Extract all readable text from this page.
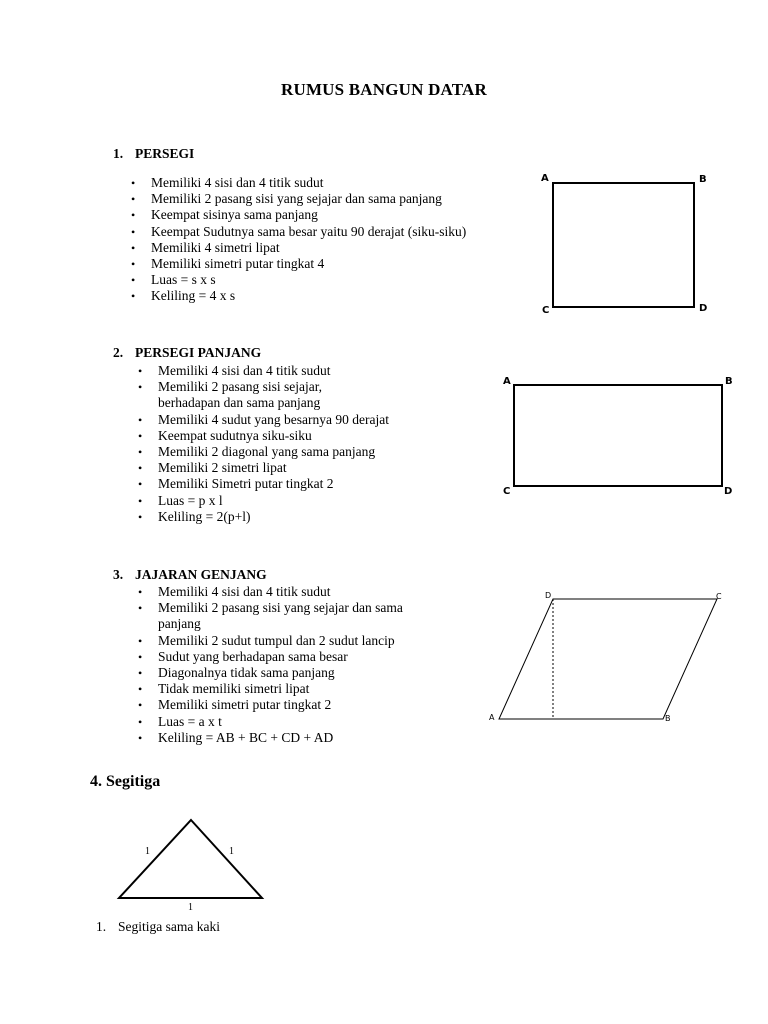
RUMUS BANGUN DATAR
1. PERSEGI
• Memiliki 4 sisi dan 4 titik sudut
• Memiliki 2 pasang sisi yang sejajar dan sama panjang
• Keempat sisinya sama panjang
• Keempat Sudutnya sama besar yaitu 90 derajat (siku-siku)
• Memiliki 4 simetri lipat
• Memiliki simetri putar tingkat 4
• Luas = s x s
• Keliling = 4 x s
A	B
C	D
2. PERSEGI PANJANG
• Memiliki 4 sisi dan 4 titik sudut
• Memiliki 2 pasang sisi sejajar,
berhadapan dan sama panjang
• Memiliki 4 sudut yang besarnya 90 derajat
• Keempat sudutnya siku-siku
• Memiliki 2 diagonal yang sama panjang
• Memiliki 2 simetri lipat
• Memiliki Simetri putar tingkat 2
• Luas = p x l
• Keliling = 2(p+l)
A	B
C	D
3. JAJARAN GENJANG
• Memiliki 4 sisi dan 4 titik sudut
• Memiliki 2 pasang sisi yang sejajar dan sama
panjang
• Memiliki 2 sudut tumpul dan 2 sudut lancip
• Sudut yang berhadapan sama besar
• Diagonalnya tidak sama panjang
• Tidak memiliki simetri lipat
• Memiliki simetri putar tingkat 2
• Luas = a x t
• Keliling = AB + BC + CD + AD
D	C
A	B
4. Segitiga
1	1
1
1. Segitiga sama kaki
